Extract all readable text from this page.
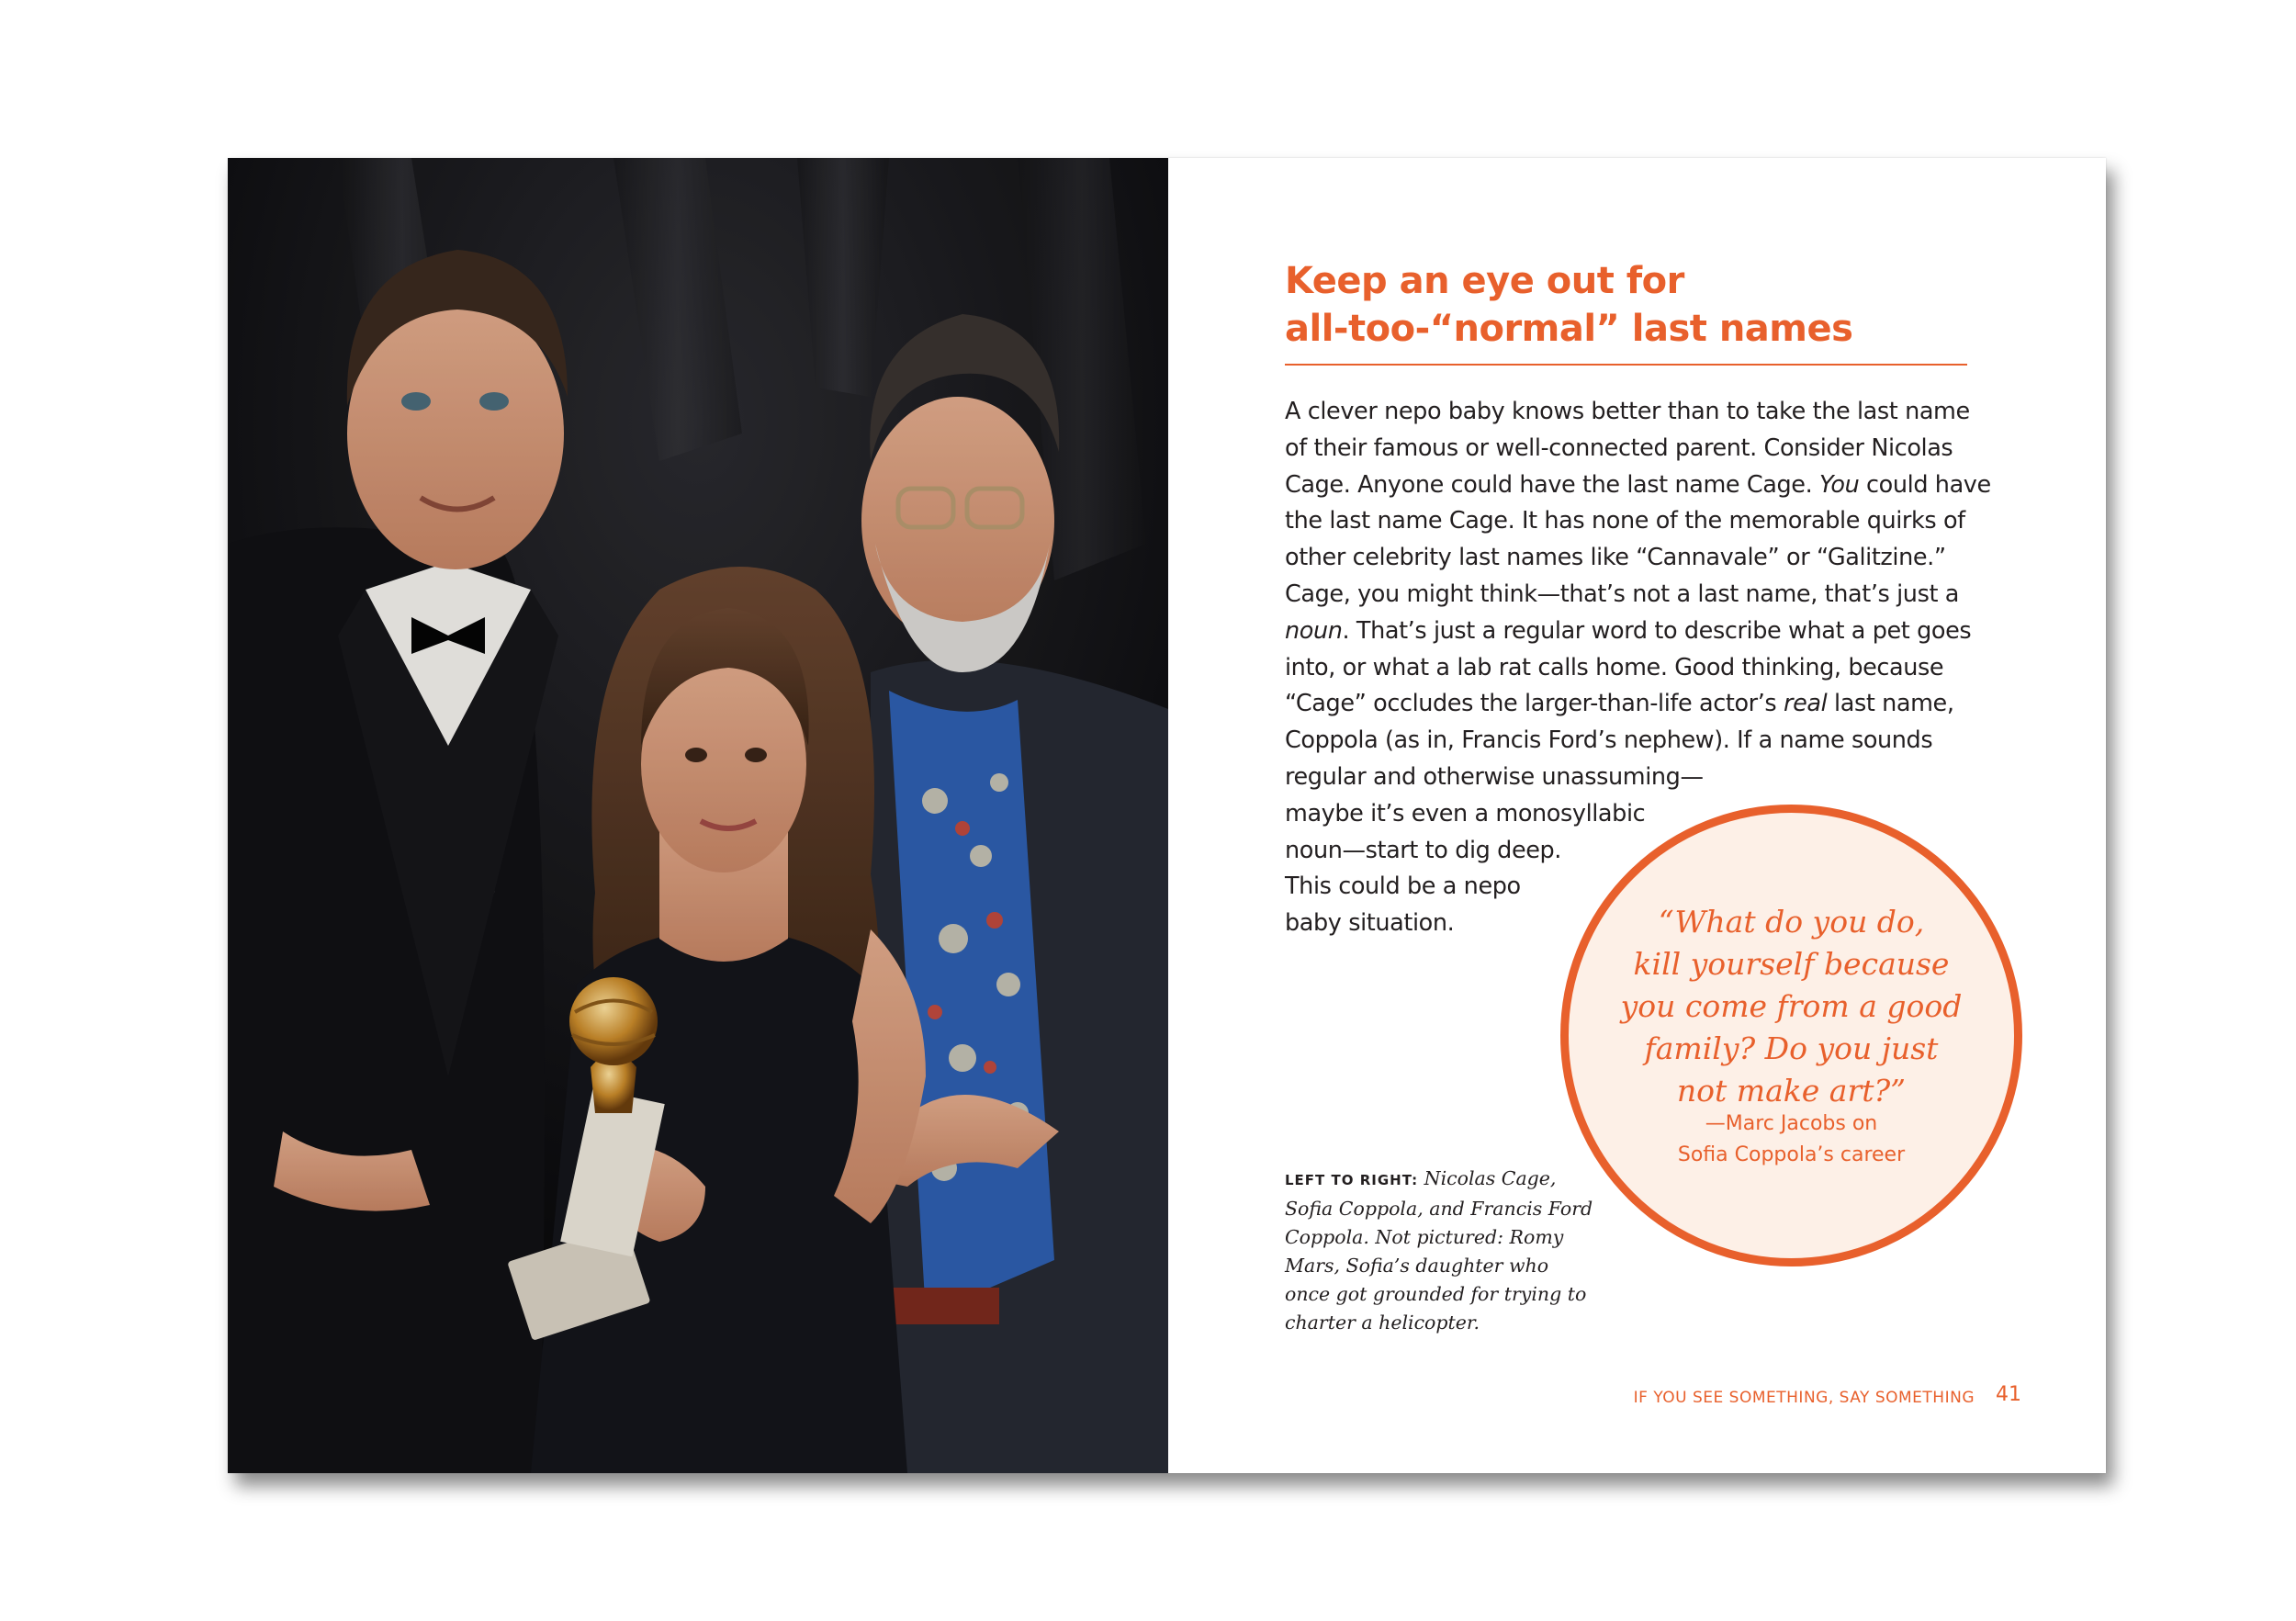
Keep an eye out for
all-too-“normal” last names
A clever nepo baby knows better than to take the last name
of their famous or well-connected parent. Consider Nicolas
Cage. Anyone could have the last name Cage. You could have
the last name Cage. It has none of the memorable quirks of
other celebrity last names like “Cannavale” or “Galitzine.”
Cage, you might think—that’s not a last name, that’s just a
noun. That’s just a regular word to describe what a pet goes
into, or what a lab rat calls home. Good thinking, because
“Cage” occludes the larger-than-life actor’s real last name,
Coppola (as in, Francis Ford’s nephew). If a name sounds
regular and otherwise unassuming—
maybe it’s even a monosyllabic
noun—start to dig deep.
This could be a nepo
baby situation.
LEFT TO RIGHT: Nicolas Cage,
Sofia Coppola, and Francis Ford
Coppola. Not pictured: Romy
Mars, Sofia’s daughter who
once got grounded for trying to
charter a helicopter.
“What do you do,
kill yourself because
you come from a good
family? Do you just
not make art?”
—Marc Jacobs on
Sofia Coppola’s career
IF YOU SEE SOMETHING, SAY SOMETHING 41
